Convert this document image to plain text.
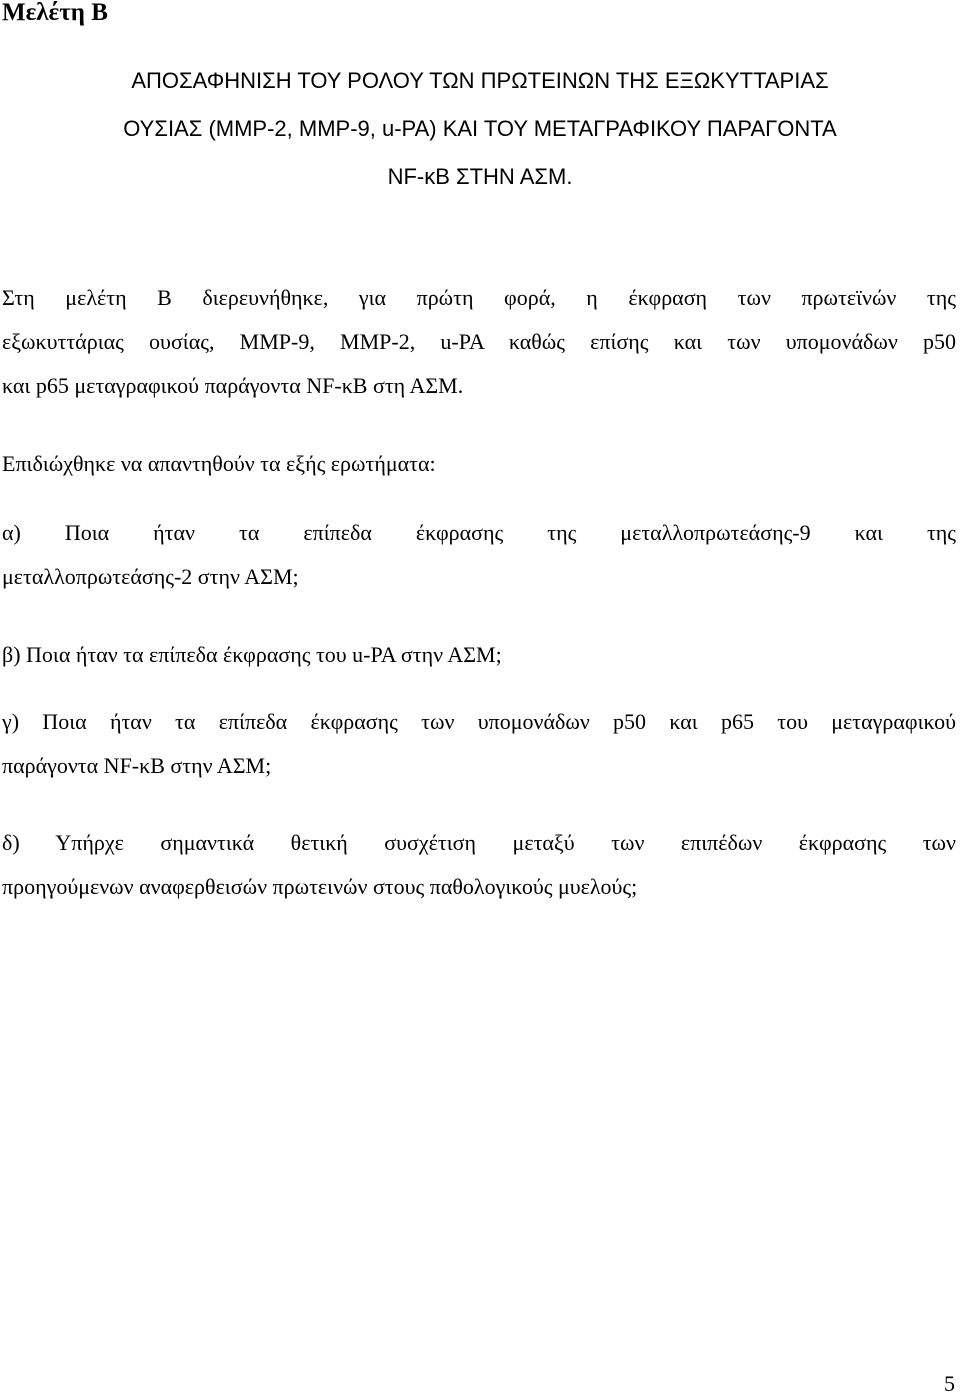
Μελέτη Β

ΑΠΟΣΑΦΗΝΙΣΗ ΤΟΥ ΡΟΛΟΥ ΤΩΝ ΠΡΩΤΕΙΝΩΝ ΤΗΣ ΕΞΩΚΥΤΤΑΡΙΑΣ

ΟΥΣΙΑΣ (ΜΜΡ-2, ΜΜΡ-9, u-PA) ΚΑΙ ΤΟΥ ΜΕΤΑΓΡΑΦΙΚΟΥ ΠΑΡΑΓΟΝΤΑ

NF-κB ΣΤΗΝ ΑΣΜ.

Στη μελέτη Β διερευνήθηκε, για πρώτη φορά, η έκφραση των πρωτεϊνών της
εξωκυττάριας ουσίας, MMP-9, MMP-2, u-PA καθώς επίσης και των υπομονάδων p50
και p65 μεταγραφικού παράγοντα NF-κB στη ΑΣΜ.
Επιδιώχθηκε να απαντηθούν τα εξής ερωτήματα:
α) Ποια ήταν τα επίπεδα έκφρασης της μεταλλοπρωτεάσης-9 και της
μεταλλοπρωτεάσης-2 στην ΑΣΜ;
β) Ποια ήταν τα επίπεδα έκφρασης του u-PA στην ΑΣΜ;
γ) Ποια ήταν τα επίπεδα έκφρασης των υπομονάδων p50 και p65 του μεταγραφικού
παράγοντα NF-κB στην ΑΣΜ;
δ) Υπήρχε σημαντικά θετική συσχέτιση μεταξύ των επιπέδων έκφρασης των
προηγούμενων αναφερθεισών πρωτεινών στους παθολογικούς μυελούς;
5
